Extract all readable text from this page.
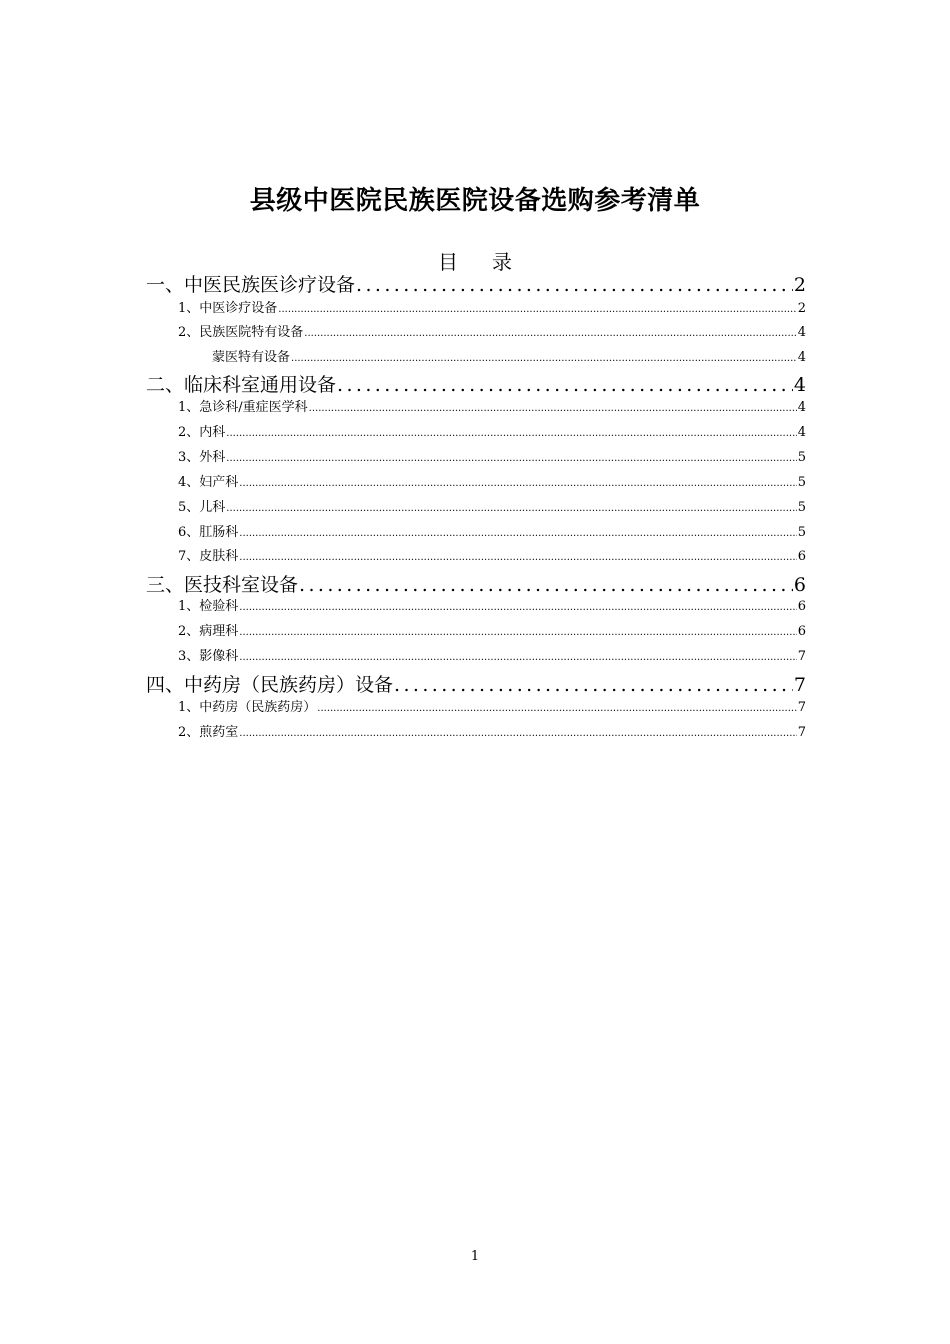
县级中医院民族医院设备选购参考清单
目 录
一、中医民族医诊疗设备 .....	2
1、中医诊疗设备 .....	2
2、民族医院特有设备 .....	4
蒙医特有设备 .....	4
二、临床科室通用设备 .....	4
1、急诊科/重症医学科 .....	4
2、内科 .....	4
3、外科 .....	5
4、妇产科 .....	5
5、儿科 .....	5
6、肛肠科 .....	5
7、皮肤科 .....	6
三、医技科室设备 .....	6
1、检验科 .....	6
2、病理科 .....	6
3、影像科 .....	7
四、中药房（民族药房）设备 .....	7
1、中药房（民族药房） .....	7
2、煎药室 .....	7
1
